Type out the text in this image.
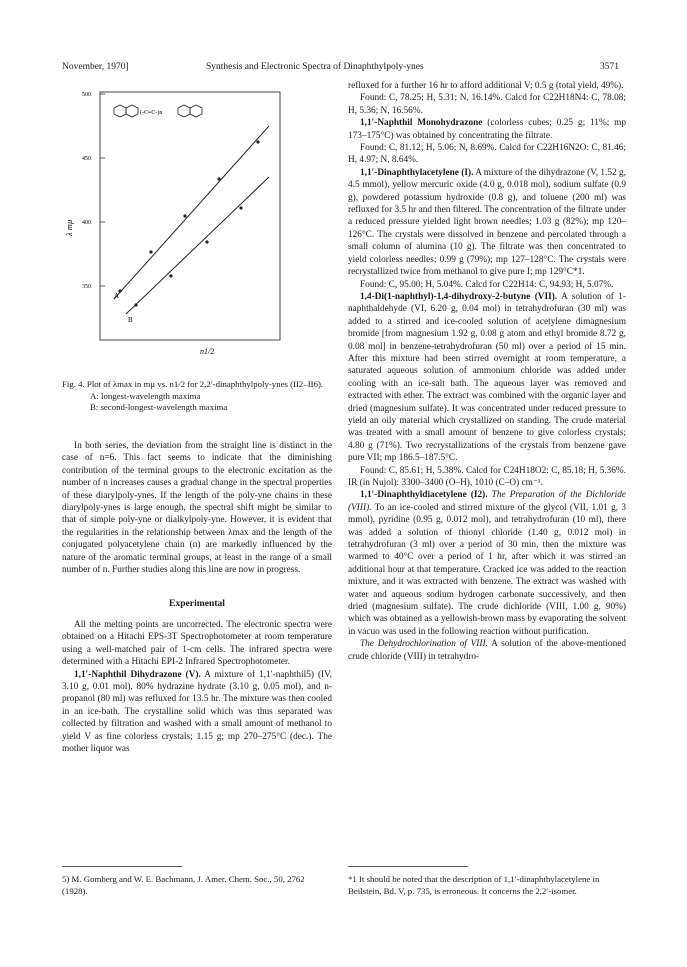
November, 1970]	Synthesis and Electronic Spectra of Dinaphthylpoly-ynes	3571
500
450
400
350
λ mμ
n1/2
A
B
(-C≡C-)n
Fig. 4. Plot of λmax in mμ vs. n1/2 for 2,2′-dinaphthylpoly-ynes (II2–II6).
A: longest-wavelength maxima
B: second-longest-wavelength maxima

In both series, the deviation from the straight line is distinct in the case of n=6. This fact seems to indicate that the diminishing contribution of the terminal groups to the electronic excitation as the number of n increases causes a gradual change in the spectral properties of these diarylpoly-ynes. If the length of the poly-yne chains in these diarylpoly-ynes is large enough, the spectral shift might be similar to that of simple poly-yne or dialkylpoly-yne. However, it is evident that the regularities in the relationship between λmax and the length of the conjugated polyacetylene chain (n) are markedly influenced by the nature of the aromatic terminal groups, at least in the range of a small number of n. Further studies along this line are now in progress.

Experimental

All the melting points are uncorrected. The electronic spectra were obtained on a Hitachi EPS-3T Spectrophotometer at room temperature using a well-matched pair of 1-cm cells. The infrared spectra were determined with a Hitachi EPI-2 Infrared Spectrophotometer.

1,1′-Naphthil Dihydrazone (V). A mixture of 1,1′-naphthil5) (IV, 3.10 g, 0.01 mol), 80% hydrazine hydrate (3.10 g, 0.05 mol), and n-propanol (80 ml) was refluxed for 13.5 hr. The mixture was then cooled in an ice-bath. The crystalline solid which was thus separated was collected by filtration and washed with a small amount of methanol to yield V as fine colorless crystals; 1.15 g; mp 270–275°C (dec.). The mother liquor was

5) M. Gomberg and W. E. Bachmann, J. Amer. Chem. Soc., 50, 2762 (1928).

refluxed for a further 16 hr to afford additional V; 0.5 g (total yield, 49%).

Found: C, 78.25; H, 5.31; N, 16.14%. Calcd for C22H18N4: C, 78.08; H, 5.36; N, 16.56%.

1,1′-Naphthil Monohydrazone (colorless cubes; 0.25 g; 11%; mp 173–175°C) was obtained by concentrating the filtrate.

Found: C, 81.12; H, 5.06; N, 8.69%. Calcd for C22H16N2O: C, 81.46; H, 4.97; N, 8.64%.

1,1′-Dinaphthylacetylene (I). A mixture of the dihydrazone (V, 1.52 g, 4.5 mmol), yellow mercuric oxide (4.0 g, 0.018 mol), sodium sulfate (0.9 g), powdered potassium hydroxide (0.8 g), and toluene (200 ml) was refluxed for 3.5 hr and then filtered. The concentration of the filtrate under a reduced pressure yielded light brown needles; 1.03 g (82%); mp 120–126°C. The crystals were dissolved in benzene and percolated through a small column of alumina (10 g). The filtrate was then concentrated to yield colorless needles; 0.99 g (79%); mp 127–128°C. The crystals were recrystallized twice from methanol to give pure I; mp 129°C*1.

Found: C, 95.00; H, 5.04%. Calcd for C22H14: C, 94.93; H, 5.07%.

1,4-Di(1-naphthyl)-1,4-dihydroxy-2-butyne (VII). A solution of 1-naphthaldehyde (VI, 6.20 g, 0.04 mol) in tetrahydrofuran (30 ml) was added to a stirred and ice-cooled solution of acetylene dimagnesium bromide [from magnesium 1.92 g, 0.08 g atom and ethyl bromide 8.72 g, 0.08 mol] in benzene-tetrahydrofuran (50 ml) over a period of 15 min. After this mixture had been stirred overnight at room temperature, a saturated aqueous solution of ammonium chloride was added under cooling with an ice-salt bath. The aqueous layer was removed and extracted with ether. The extract was combined with the organic layer and dried (magnesium sulfate). It was concentrated under reduced pressure to yield an oily material which crystallized on standing. The crude material was treated with a small amount of benzene to give colorless crystals; 4.80 g (71%). Two recrystallizations of the crystals from benzene gave pure VII; mp 186.5–187.5°C.

Found: C, 85.61; H, 5.38%. Calcd for C24H18O2: C, 85.18; H, 5.36%. IR (in Nujol): 3300–3400 (O–H), 1010 (C–O) cm⁻¹.

1,1′-Dinaphthyldiacetylene (I2). The Preparation of the Dichloride (VIII). To an ice-cooled and stirred mixture of the glycol (VII, 1.01 g, 3 mmol), pyridine (0.95 g, 0.012 mol), and tetrahydrofuran (10 ml), there was added a solution of thionyl chloride (1.40 g, 0.012 mol) in tetrahydrofuran (3 ml) over a period of 30 min, then the mixture was warmed to 40°C over a period of 1 hr, after which it was stirred an additional hour at that temperature. Cracked ice was added to the reaction mixture, and it was extracted with benzene. The extract was washed with water and aqueous sodium hydrogen carbonate successively, and then dried (magnesium sulfate). The crude dichloride (VIII, 1.00 g, 90%) which was obtained as a yellowish-brown mass by evaporating the solvent in vacuo was used in the following reaction without purification.

The Dehydrochlorination of VIII. A solution of the above-mentioned crude chloride (VIII) in tetrahydro-

*1 It should be noted that the description of 1,1′-dinaphthylacetylene in Beilstein, Bd. V, p. 735, is erroneous. It concerns the 2,2′-isomer.
